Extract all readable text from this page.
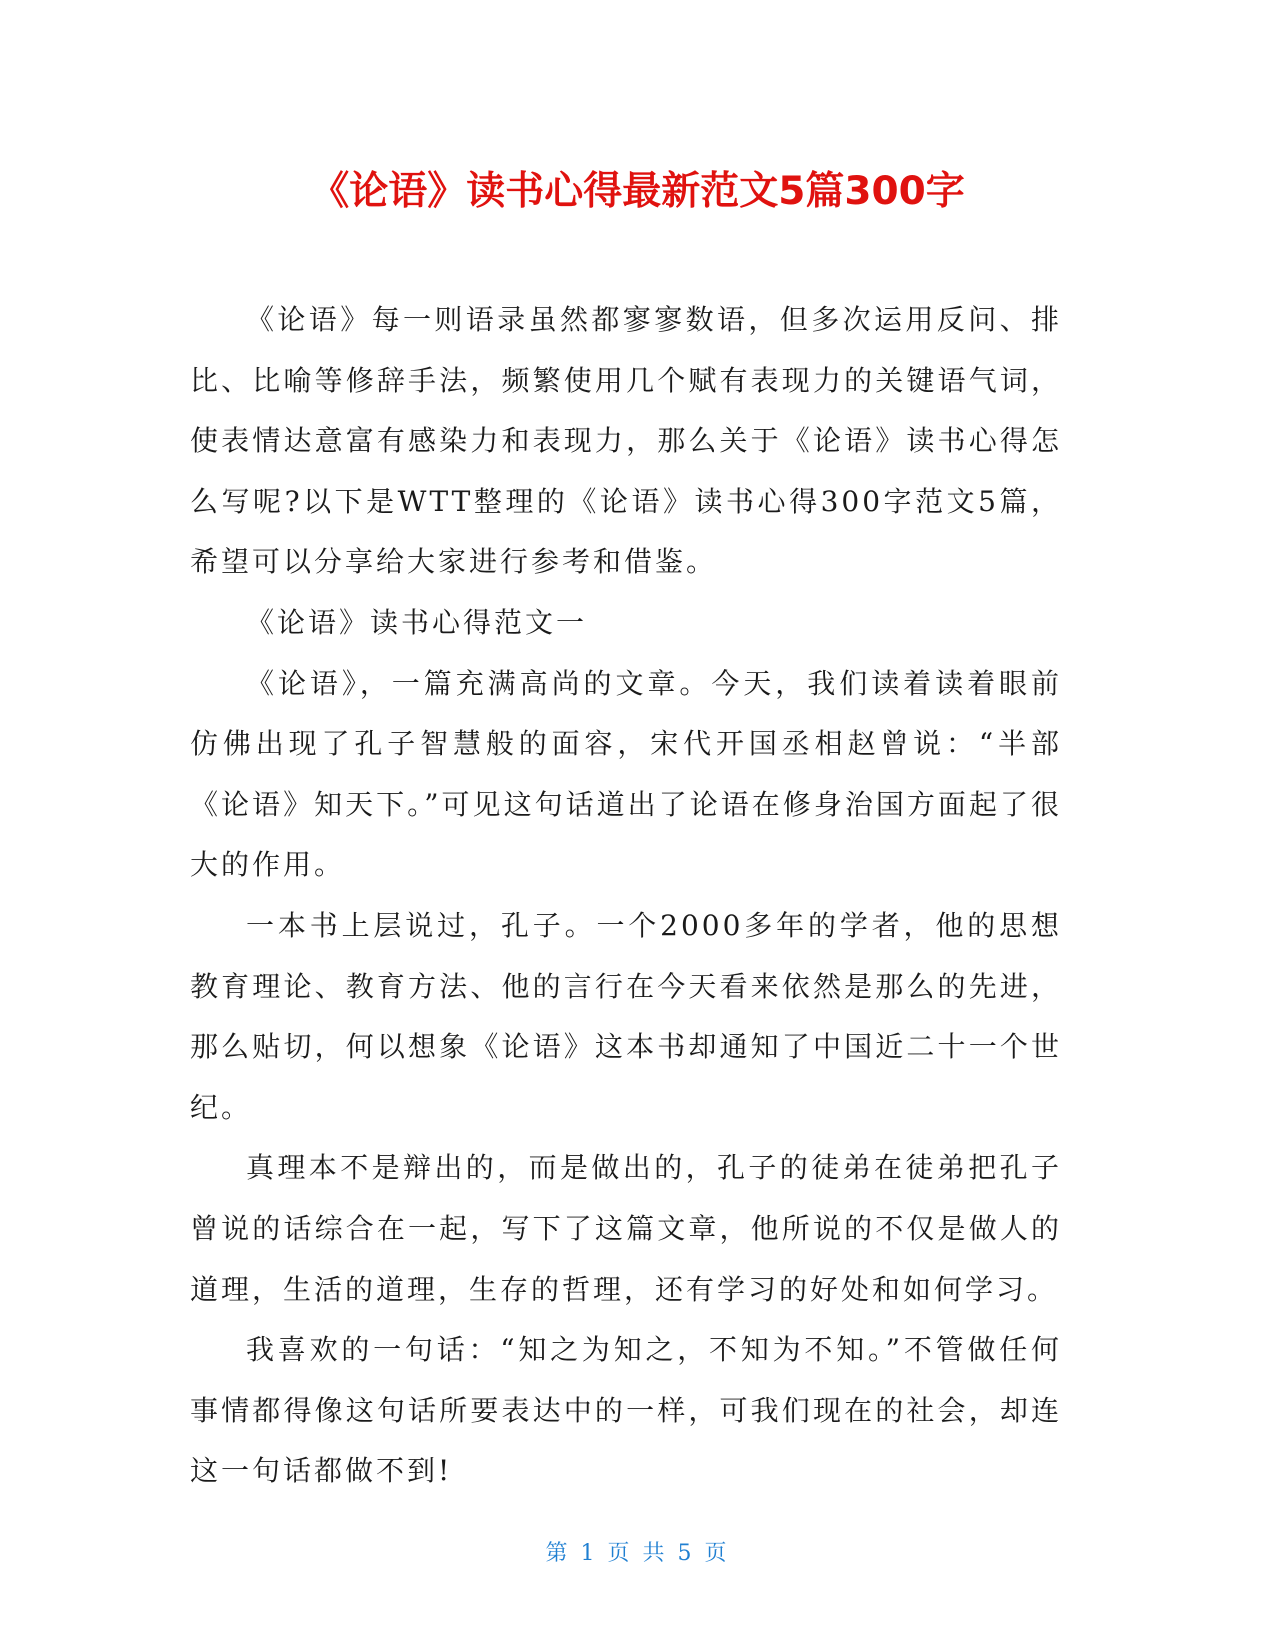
《论语》读书心得最新范文5篇300字

《论语》每一则语录虽然都寥寥数语，但多次运用反问、排比、比喻等修辞手法，频繁使用几个赋有表现力的关键语气词，使表情达意富有感染力和表现力，那么关于《论语》读书心得怎么写呢?以下是WTT整理的《论语》读书心得300字范文5篇，希望可以分享给大家进行参考和借鉴。

《论语》读书心得范文一

《论语》，一篇充满高尚的文章。今天，我们读着读着眼前仿佛出现了孔子智慧般的面容，宋代开国丞相赵曾说：“半部《论语》知天下。”可见这句话道出了论语在修身治国方面起了很大的作用。

一本书上层说过，孔子。一个2000多年的学者，他的思想教育理论、教育方法、他的言行在今天看来依然是那么的先进，那么贴切，何以想象《论语》这本书却通知了中国近二十一个世纪。

真理本不是辩出的，而是做出的，孔子的徒弟在徒弟把孔子曾说的话综合在一起，写下了这篇文章，他所说的不仅是做人的道理，生活的道理，生存的哲理，还有学习的好处和如何学习。

我喜欢的一句话：“知之为知之，不知为不知。”不管做任何事情都得像这句话所要表达中的一样，可我们现在的社会，却连这一句话都做不到!

第 1 页 共 5 页
